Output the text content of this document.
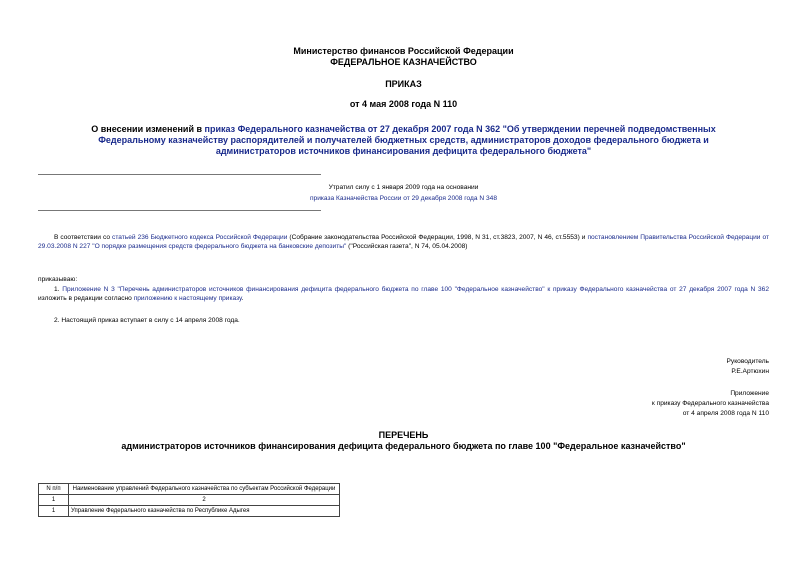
Министерство финансов Российской Федерации
ФЕДЕРАЛЬНОЕ КАЗНАЧЕЙСТВО
ПРИКАЗ
от 4 мая 2008 года N 110
О внесении изменений в приказ Федерального казначейства от 27 декабря 2007 года N 362 "Об утверждении перечней подведомственных Федеральному казначейству распорядителей и получателей бюджетных средств, администраторов доходов федерального бюджета и администраторов источников финансирования дефицита федерального бюджета"
Утратил силу с 1 января 2009 года на основании
приказа Казначейства России от 29 декабря 2008 года N 348
В соответствии со статьей 236 Бюджетного кодекса Российской Федерации (Собрание законодательства Российской Федерации, 1998, N 31, ст.3823, 2007, N 46, ст.5553) и постановлением Правительства Российской Федерации от 29.03.2008 N 227 "О порядке размещения средств федерального бюджета на банковские депозиты" ("Российская газета", N 74, 05.04.2008)
приказываю:
1. Приложение N 3 "Перечень администраторов источников финансирования дефицита федерального бюджета по главе 100 "Федеральное казначейство" к приказу Федерального казначейства от 27 декабря 2007 года N 362 изложить в редакции согласно приложению к настоящему приказу.
2. Настоящий приказ вступает в силу с 14 апреля 2008 года.
Руководитель
Р.Е.Артюхин
Приложение
к приказу Федерального казначейства
от 4 апреля 2008 года N 110
ПЕРЕЧЕНЬ
администраторов источников финансирования дефицита федерального бюджета по главе 100 "Федеральное казначейство"
N п/п	Наименование управлений Федерального казначейства по субъектам Российской Федерации
1	2
1	Управление Федерального казначейства по Республике Адыгея
